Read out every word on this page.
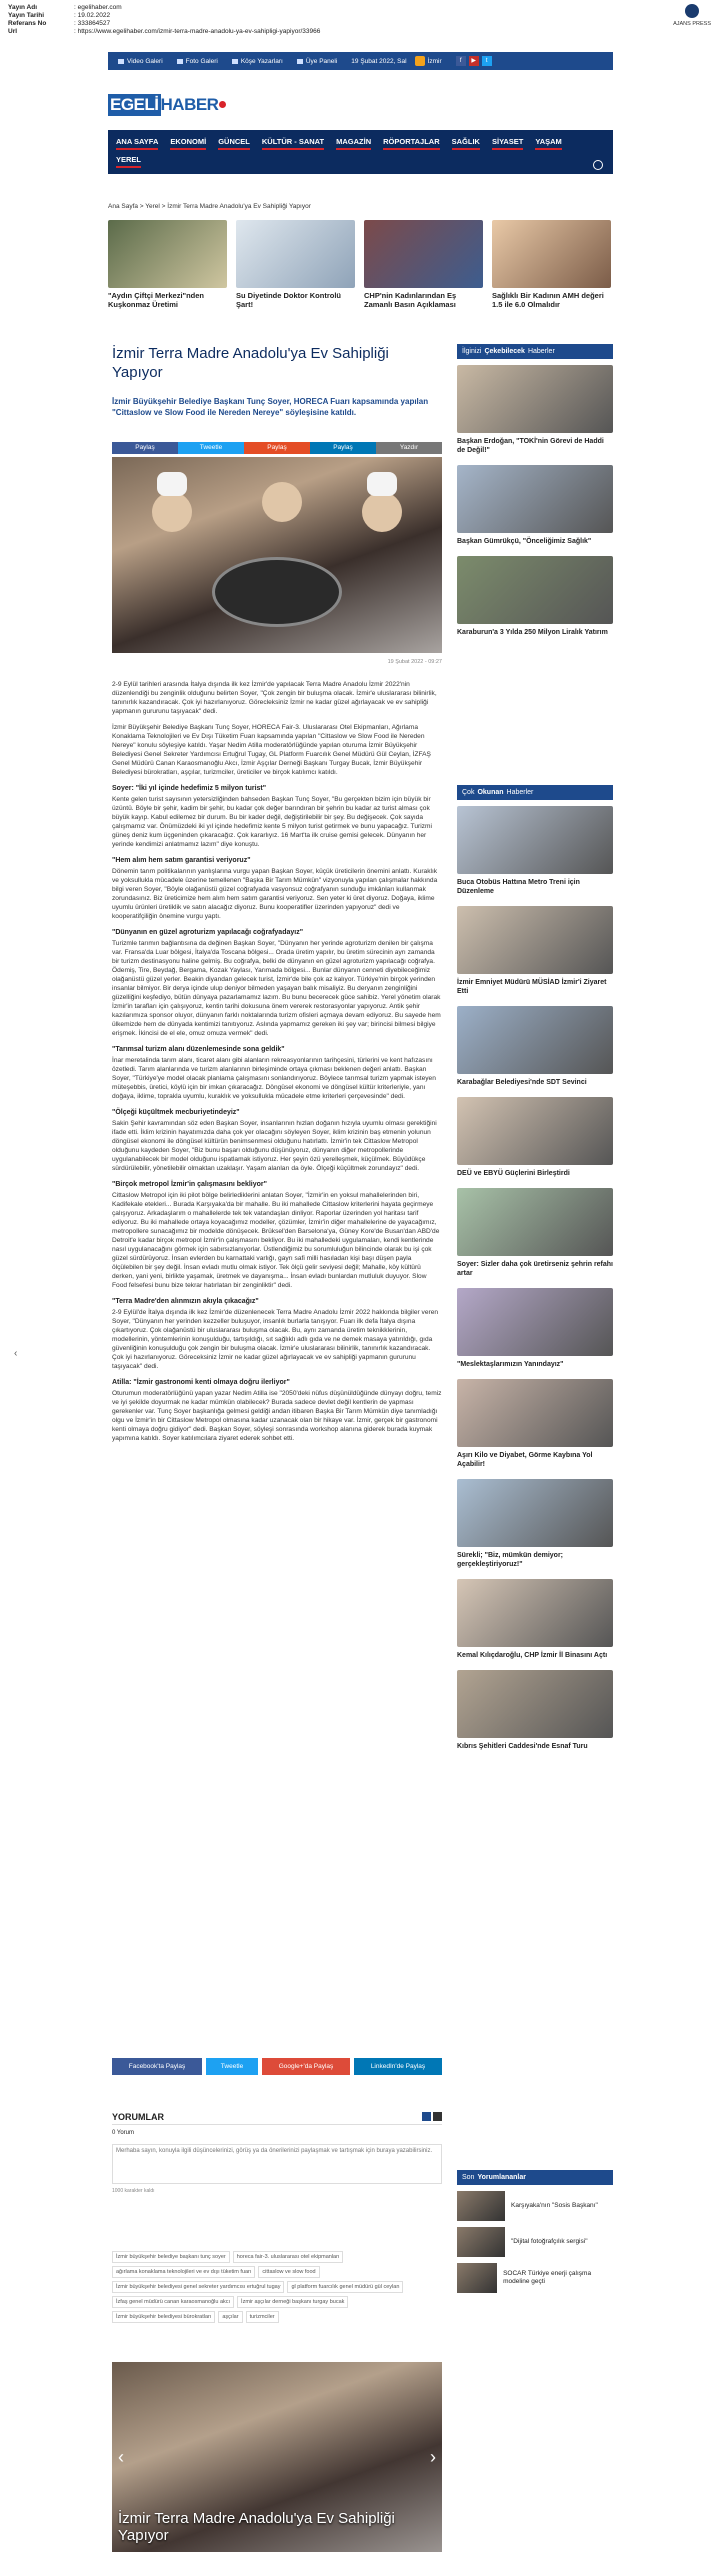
Yayın Adı	: egelihaber.com
Yayın Tarihi	: 19.02.2022
Referans No	: 333864527
Url	: https://www.egelihaber.com/izmir-terra-madre-anadolu-ya-ev-sahipligi-yapiyor/33966
AJANS PRESS
Video Galeri	Foto Galeri	Köşe Yazarları	Üye Paneli 19 Şubat 2022, Sal	İzmir	f	▶	t
EGELİ HABER
ANA SAYFA EKONOMİ GÜNCEL KÜLTÜR - SANAT MAGAZİN RÖPORTAJLAR SAĞLIK SİYASET YAŞAM
YEREL
Ana Sayfa > Yerel > İzmir Terra Madre Anadolu'ya Ev Sahipliği Yapıyor
"Aydın Çiftçi Merkezi"nden Kuşkonmaz Üretimi
Su Diyetinde Doktor Kontrolü Şart!
CHP'nin Kadınlarından Eş Zamanlı Basın Açıklaması
Sağlıklı Bir Kadının AMH değeri 1.5 ile 6.0 Olmalıdır
İzmir Terra Madre Anadolu'ya Ev Sahipliği Yapıyor
İzmir Büyükşehir Belediye Başkanı Tunç Soyer, HORECA Fuarı kapsamında yapılan "Cittaslow ve Slow Food ile Nereden Nereye" söyleşisine katıldı.
Paylaş	Tweetle	Paylaş	Paylaş	Yazdır
19 Şubat 2022 - 09:27

2-9 Eylül tarihleri arasında İtalya dışında ilk kez İzmir'de yapılacak Terra Madre Anadolu İzmir 2022'nin düzenlendiği bu zenginlik olduğunu belirten Soyer, "Çok zengin bir buluşma olacak. İzmir'e uluslararası bilinirlik, tanınırlık kazandıracak. Çok iyi hazırlanıyoruz. Görecleksiniz İzmir ne kadar güzel ağırlayacak ve ev sahipliği yapmanın gururunu taşıyacak" dedi.

İzmir Büyükşehir Belediye Başkanı Tunç Soyer, HORECA Fair-3. Uluslararası Otel Ekipmanları, Ağırlama Konaklama Teknolojileri ve Ev Dışı Tüketim Fuarı kapsamında yapılan "Cittaslow ve Slow Food ile Nereden Nereye" konulu söyleşiye katıldı. Yaşar Nedim Atilla moderatörlüğünde yapılan oturuma İzmir Büyükşehir Belediyesi Genel Sekreter Yardımcısı Ertuğrul Tugay, GL Platform Fuarcılık Genel Müdürü Gül Ceylan, İZFAŞ Genel Müdürü Canan Karaosmanoğlu Akcı, İzmir Aşçılar Derneği Başkanı Turgay Bucak, İzmir Büyükşehir Belediyesi bürokratları, aşçılar, turizmciler, üreticiler ve birçok katılımcı katıldı.

Soyer: "İki yıl içinde hedefimiz 5 milyon turist"

Kente gelen turist sayısının yetersizliğinden bahseden Başkan Tunç Soyer, "Bu gerçekten bizim için büyük bir üzüntü. Böyle bir şehir, kadim bir şehir, bu kadar çok değer barındıran bir şehrin bu kadar az turist alması çok büyük kayıp. Kabul edilemez bir durum. Bu bir kader değil, değiştirilebilir bir şey. Bu değişecek. Çok sayıda çalışmamız var. Önümüzdeki iki yıl içinde hedefimiz kente 5 milyon turist getirmek ve bunu yapacağız. Turizmi güneş deniz kum üçgeninden çıkaracağız. Çok kararlıyız. 16 Mart'ta ilk cruise gemisi gelecek. Dünyanın her yerinde kendimizi anlatmamız lazım" diye konuştu.

"Hem alım hem satım garantisi veriyoruz"

Dönemin tarım politikalarının yanlışlarına vurgu yapan Başkan Soyer, küçük üreticilerin önemini anlattı. Kuraklık ve yoksullukla mücadele üzerine temellenen "Başka Bir Tarım Mümkün" vizyonuyla yapılan çalışmalar hakkında bilgi veren Soyer, "Böyle olağanüstü güzel coğrafyada vasyonsuz coğrafyanın sunduğu imkânları kullanmak zorundasınız. Biz üreticimize hem alım hem satım garantisi veriyoruz. Sen yeter ki üret diyoruz. Doğaya, iklime uyumlu ürünleri üretiklik ve satın alacağız diyoruz. Bunu kooperatifler üzerinden yapıyoruz" dedi ve kooperatifçiliğin önemine vurgu yaptı.

"Dünyanın en güzel agroturizm yapılacağı coğrafyadayız"

Turizmle tarımın bağlantısına da değinen Başkan Soyer, "Dünyanın her yerinde agroturizm denilen bir çalışma var. Fransa'da Luar bölgesi, İtalya'da Toscana bölgesi... Orada üretim yapılır, bu üretim sürecinin ayrı zamanda bir turizm destinasyonu haline gelmiş. Bu coğrafya, belki de dünyanın en güzel agroturizm yapılacağı coğrafya. Ödemiş, Tire, Beydağ, Bergama, Kozak Yaylası, Yarımada bölgesi... Bunlar dünyanın cenneti diyebileceğimiz olağanüstü güzel yerler. Beakin diyandan gelecek turist, İzmir'de bile çok az kalıyor. Türkiye'nin birçok yerinden insanlar bilmiyor. Bir derya içinde ulup deniyor bilmeden yaşayan balık misaliyiz. Bu deryanın zenginliğini güzelliğini keşfediyo, bütün dünyaya pazarlamamız lazım. Bu bunu becerecek güce sahibiz. Yerel yönetim olarak İzmir'in tarafları için çalışıyoruz, kentin tarihi dokusuna önem vererek restorasyonlar yapıyoruz. Antik şehir kazılarımıza sponsor oluyor, dünyanın farklı noktalarında turizm ofisleri açmaya devam ediyoruz. Bu sayede hem ülkemizde hem de dünyada kentimizi tanıtıyoruz. Aslında yapmamız gereken iki şey var; birincisi bilmesi bilgiye erişmek. İkincisi de el ele, omuz omuza vermek" dedi.

"Tarımsal turizm alanı düzenlemesinde sona geldik"

İnar meretalinda tarım alanı, ticaret alanı gibi alanların rekreasyonlarının tarihçesini, türlerini ve kent hafızasını özetledi. Tarım alanlarında ve turizm alanlarının birleşiminde ortaya çıkması beklenen değeri anlattı. Başkan Soyer, "Türkiye'ye model olacak planlama çalışmasını sonlandırıyoruz. Böylece tarımsal turizm yapmak isteyen müteşebbis, üretici, köylü için bir imkan çıkaracağız. Döngüsel ekonomi ve döngüsel kültür kriterleriyle, yanı doğaya, iklime, toprakla uyumlu, kuraklık ve yoksullukla mücadele etme kriterleri çerçevesinde" dedi.

"Ölçeği küçültmek mecburiyetindeyiz"

Sakin Şehir kavramından söz eden Başkan Soyer, insanlarının hızlan doğanın hızıyla uyumlu olması gerektiğini ifade etti. İklim krizinin hayatımızda daha çok yer olacağını söyleyen Soyer, iklim krizinin baş etmenin yolunun döngüsel ekonomi ile döngüsel kültürün benimsenmesi olduğunu hatırlattı. İzmir'in tek Cittaslow Metropol olduğunu kaydeden Soyer, "Biz bunu başarı olduğunu düşünüyoruz, dünyanın diğer metropollerinde uygulanabilecek bir model olduğunu ispatlamak istiyoruz. Her şeyin özü yerelleşmek, küçülmek. Büyüdükçe sürdürülebilir, yönetilebilir olmaktan uzaklaşır. Yaşam alanları da öyle. Ölçeği küçültmek zorundayız" dedi.

"Birçok metropol İzmir'in çalışmasını bekliyor"

Cittaslow Metropol için iki pilot bölge belirlediklerini anlatan Soyer, "İzmir'in en yoksul mahallelerinden biri, Kadifekale etekleri... Burada Karşıyaka'da bir mahalle. Bu iki mahallede Cittaslow kriterlerini hayata geçirmeye çalışıyoruz. Arkadaşlarım o mahallelerde tek tek vatandaşları dinliyor. Raporlar üzerinden yol haritası tarif ediyoruz. Bu iki mahallede ortaya koyacağımız modeller, çözümler, İzmir'in diğer mahallelerine de yayacağımız, metropollere sunacağımız bir modelde dönüşecek. Brüksel'den Barselona'ya, Güney Kore'de Busan'dan ABD'de Detroit'e kadar birçok metropol İzmir'in çalışmasını bekliyor. Bu iki mahalledeki uygulamaları, kendi kentlerinde nasıl uygulanacağını görmek için sabırsızlanıyorlar. Üstlendiğimiz bu sorumluluğun bilincinde olarak bu işi çok güzel sürdürüyoruz. İnsan evlerden bu karnattaki varlığı, gayrı safi milli hasıladan kişi başı düşen payla ölçülebilen bir şey değil. İnsan evladı mutlu olmak istiyor. Tek ölçü gelir seviyesi değil; Mahalle, köy kültürü derken, yani yeni, birlikte yaşamak, üretmek ve dayanışma... İnsan evladı bunlardan mutluluk duyuyor. Slow Food felsefesi bunu bize tekrar hatırlatan bir zenginliktir" dedi.

"Terra Madre'den alınmızın akıyla çıkacağız"

2-9 Eylül'de İtalya dışında ilk kez İzmir'de düzenlenecek Terra Madre Anadolu İzmir 2022 hakkında bilgiler veren Soyer, "Dünyanın her yerinden kezzeller buluşuyor, insanlık burlarla tanışıyor. Fuarı ilk defa İtalya dışına çıkartıyoruz. Çok olağanüstü bir uluslararası buluşma olacak. Bu, aynı zamanda üretim teknikklerinin, modellerinin, yöntemlerinin konuşulduğu, tartışıldığı, sıt sağlıklı adlı gıda ve ne demek masaya yatırıldığı, gıda güvenliğinin konuşulduğu çok zengin bir buluşma olacak. İzmir'e uluslararası bilinirlik, tanınırlık kazandıracak. Çok iyi hazırlanıyoruz. Göreceksiniz İzmir ne kadar güzel ağırlayacak ve ev sahipliği yapmanın gururunu taşıyacak" dedi.

Atilla: "İzmir gastronomi kenti olmaya doğru ilerliyor"

Oturumun moderatörlüğünü yapan yazar Nedim Atilla ise "2050'deki nüfus düşünüldüğünde dünyayı doğru, temiz ve iyi şekilde doyurmak ne kadar mümkün olabilecek? Burada sadece devlet değil kentlerin de yapması gerekenler var. Tunç Soyer başkanlığa gelmesi geldiği andan itibaren Başka Bir Tarım Mümkün diye tanımladığı olgu ve İzmir'in bir Cittaslow Metropol olmasına kadar uzanacak olan bir hikaye var. İzmir, gerçek bir gastronomi kenti olmaya doğru gidiyor" dedi. Başkan Soyer, söyleşi sonrasında workshop alanına giderek burada kuymak yapımına katıldı. Soyer katılımcılara ziyaret ederek sohbet etti.

Facebook'ta Paylaş	Tweetle	Google+'da Paylaş	LinkedIn'de Paylaş
YORUMLAR
0 Yorum
Merhaba sayın, konuyla ilgili düşüncelerinizi, görüş ya da önerilerinizi paylaşmak ve tartışmak için buraya yazabilirsiniz.
1000 karakter kaldı
İzmir büyükşehir belediye başkanı tunç soyer	horeca fair-3. uluslararası otel ekipmanları
ağırlama konaklama teknolojileri ve ev dışı tüketim fuarı	cittaslow ve slow food
İzmir büyükşehir belediyesi genel sekreter yardımcısı ertuğrul tugay	gl platform fuarcılık genel müdürü gül ceylan
İzfaş genel müdürü canan karaosmanoğlu akcı	İzmir aşçılar derneği başkanı turgay bucak
İzmir büyükşehir belediyesi bürokratları	aşçılar	turizmciler
‹	›
İzmir Terra Madre Anadolu'ya Ev Sahipliği Yapıyor
‹
İlginizi Çekebilecek Haberler
Başkan Erdoğan, "TOKİ'nin Görevi de Haddi de Değil!"
Başkan Gümrükçü, "Önceliğimiz Sağlık"
Karaburun'a 3 Yılda 250 Milyon Liralık Yatırım
Çok Okunan Haberler
Buca Otobüs Hattına Metro Treni için Düzenleme
İzmir Emniyet Müdürü MÜSİAD İzmir'i Ziyaret Etti
Karabağlar Belediyesi'nde SDT Sevinci
DEÜ ve EBYÜ Güçlerini Birleştirdi
Soyer: Sizler daha çok üretirseniz şehrin refahı artar
"Meslektaşlarımızın Yanındayız"
Aşırı Kilo ve Diyabet, Görme Kaybına Yol Açabilir!
Sürekli; "Biz, mümkün demiyor; gerçekleştiriyoruz!"
Kemal Kılıçdaroğlu, CHP İzmir İl Binasını Açtı
Kıbrıs Şehitleri Caddesi'nde Esnaf Turu
Son Yorumlananlar
Karşıyaka'nın "Sosis Başkanı"
"Dijital fotoğrafçılık sergisi"
SOCAR Türkiye enerji çalışma modeline geçti
